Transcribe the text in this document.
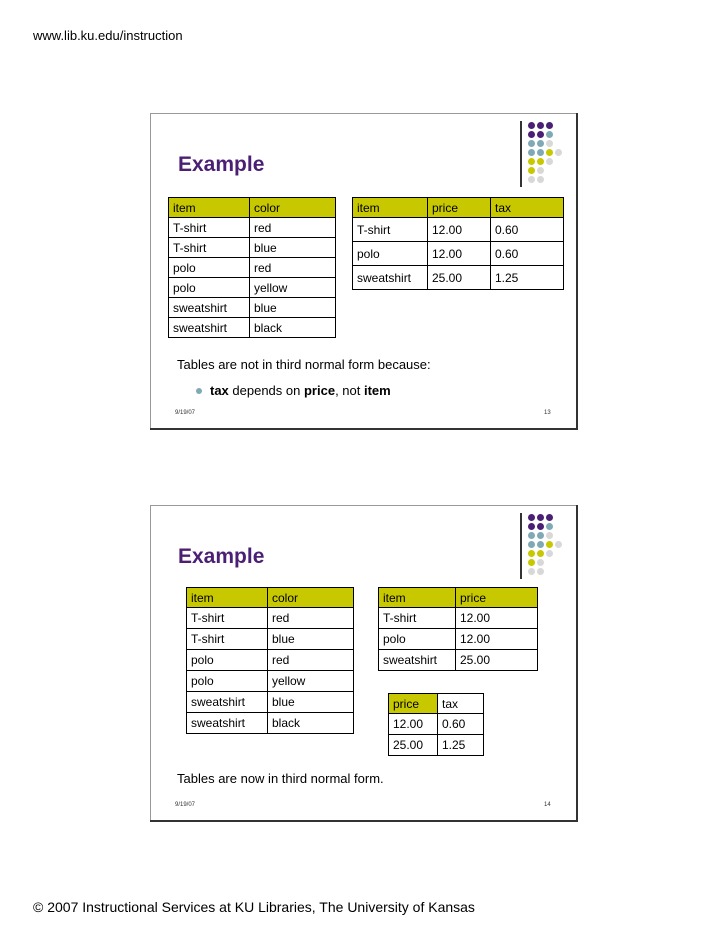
www.lib.ku.edu/instruction
Example
item	color
T-shirt	red
T-shirt	blue
polo	red
polo	yellow
sweatshirt	blue
sweatshirt	black
item	price	tax
T-shirt	12.00	0.60
polo	12.00	0.60
sweatshirt	25.00	1.25
Tables are not in third normal form because:
tax depends on price, not item
9/19/07	13
Example
item	color
T-shirt	red
T-shirt	blue
polo	red
polo	yellow
sweatshirt	blue
sweatshirt	black
item	price
T-shirt	12.00
polo	12.00
sweatshirt	25.00
price	tax
12.00	0.60
25.00	1.25
Tables are now in third normal form.
9/19/07	14
© 2007 Instructional Services at KU Libraries, The University of Kansas
